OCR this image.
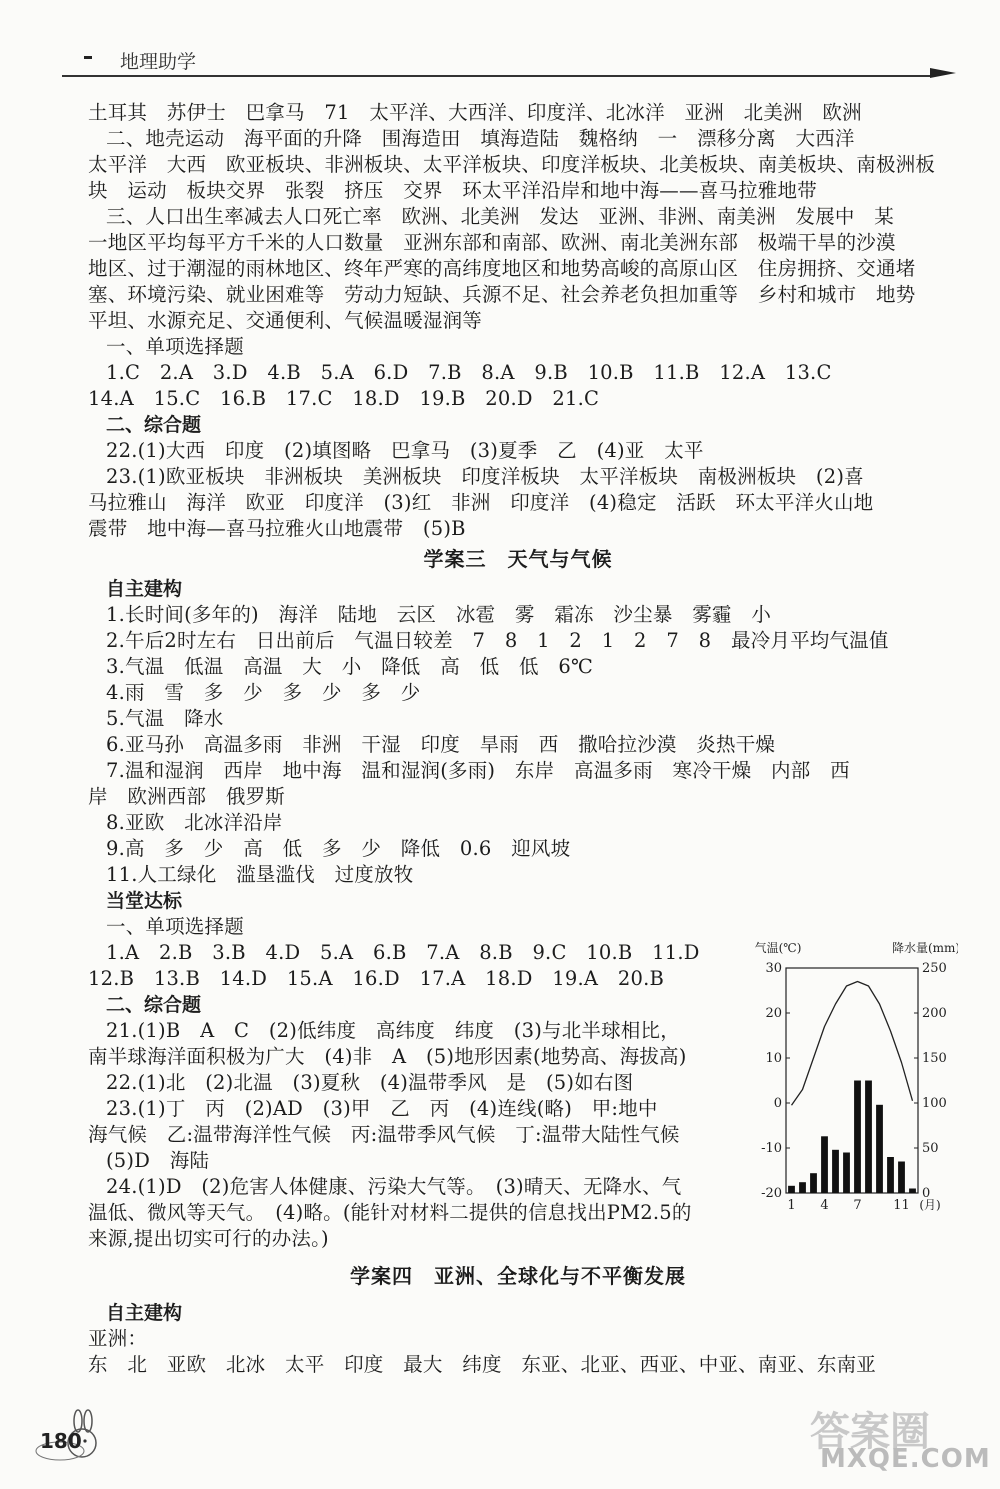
地理助学
土耳其　苏伊士　巴拿马　71　太平洋、大西洋、印度洋、北冰洋　亚洲　北美洲　欧洲
二、地壳运动　海平面的升降　围海造田　填海造陆　魏格纳　一　漂移分离　大西洋
太平洋　大西　欧亚板块、非洲板块、太平洋板块、印度洋板块、北美板块、南美板块、南极洲板
块　运动　板块交界　张裂　挤压　交界　环太平洋沿岸和地中海——喜马拉雅地带
三、人口出生率减去人口死亡率　欧洲、北美洲　发达　亚洲、非洲、南美洲　发展中　某
一地区平均每平方千米的人口数量　亚洲东部和南部、欧洲、南北美洲东部　极端干旱的沙漠
地区、过于潮湿的雨林地区、终年严寒的高纬度地区和地势高峻的高原山区　住房拥挤、交通堵
塞、环境污染、就业困难等　劳动力短缺、兵源不足、社会养老负担加重等　乡村和城市　地势
平坦、水源充足、交通便利、气候温暖湿润等
一、单项选择题
1.C　2.A　3.D　4.B　5.A　6.D　7.B　8.A　9.B　10.B　11.B　12.A　13.C
14.A　15.C　16.B　17.C　18.D　19.B　20.D　21.C
二、综合题
22.(1)大西　印度　(2)填图略　巴拿马　(3)夏季　乙　(4)亚　太平
23.(1)欧亚板块　非洲板块　美洲板块　印度洋板块　太平洋板块　南极洲板块　(2)喜
马拉雅山　海洋　欧亚　印度洋　(3)红　非洲　印度洋　(4)稳定　活跃　环太平洋火山地
震带　地中海—喜马拉雅火山地震带　(5)B
学案三　天气与气候
自主建构
1.长时间(多年的)　海洋　陆地　云区　冰雹　雾　霜冻　沙尘暴　雾霾　小
2.午后2时左右　日出前后　气温日较差　7　8　1　2　1　2　7　8　最冷月平均气温值
3.气温　低温　高温　大　小　降低　高　低　低　6℃
4.雨　雪　多　少　多　少　多　少
5.气温　降水
6.亚马孙　高温多雨　非洲　干湿　印度　旱雨　西　撒哈拉沙漠　炎热干燥
7.温和湿润　西岸　地中海　温和湿润(多雨)　东岸　高温多雨　寒冷干燥　内部　西
岸　欧洲西部　俄罗斯
8.亚欧　北冰洋沿岸
9.高　多　少　高　低　多　少　降低　0.6　迎风坡
11.人工绿化　滥垦滥伐　过度放牧
当堂达标
一、单项选择题
1.A　2.B　3.B　4.D　5.A　6.B　7.A　8.B　9.C　10.B　11.D
12.B　13.B　14.D　15.A　16.D　17.A　18.D　19.A　20.B
二、综合题
21.(1)B　A　C　(2)低纬度　高纬度　纬度　(3)与北半球相比，
南半球海洋面积极为广大　(4)非　A　(5)地形因素(地势高、海拔高)
22.(1)北　(2)北温　(3)夏秋　(4)温带季风　是　(5)如右图
23.(1)丁　丙　(2)AD　(3)甲　乙　丙　(4)连线(略)　甲:地中
海气候　乙:温带海洋性气候　丙:温带季风气候　丁:温带大陆性气候
(5)D　海陆
24.(1)D　(2)危害人体健康、污染大气等。　(3)晴天、无降水、气
温低、微风等天气。　(4)略。(能针对材料二提供的信息找出PM2.5的
来源,提出切实可行的办法。)
学案四　亚洲、全球化与不平衡发展
自主建构
亚洲：
东　北　亚欧　北冰　太平　印度　最大　纬度　东亚、北亚、西亚、中亚、南亚、东南亚
气温(℃)	降水量(mm)
30
20
10
0
-10
-20
250
200
150
100
50
0
1 4 7 11 (月)
180	答案圈
MXQE.COM
